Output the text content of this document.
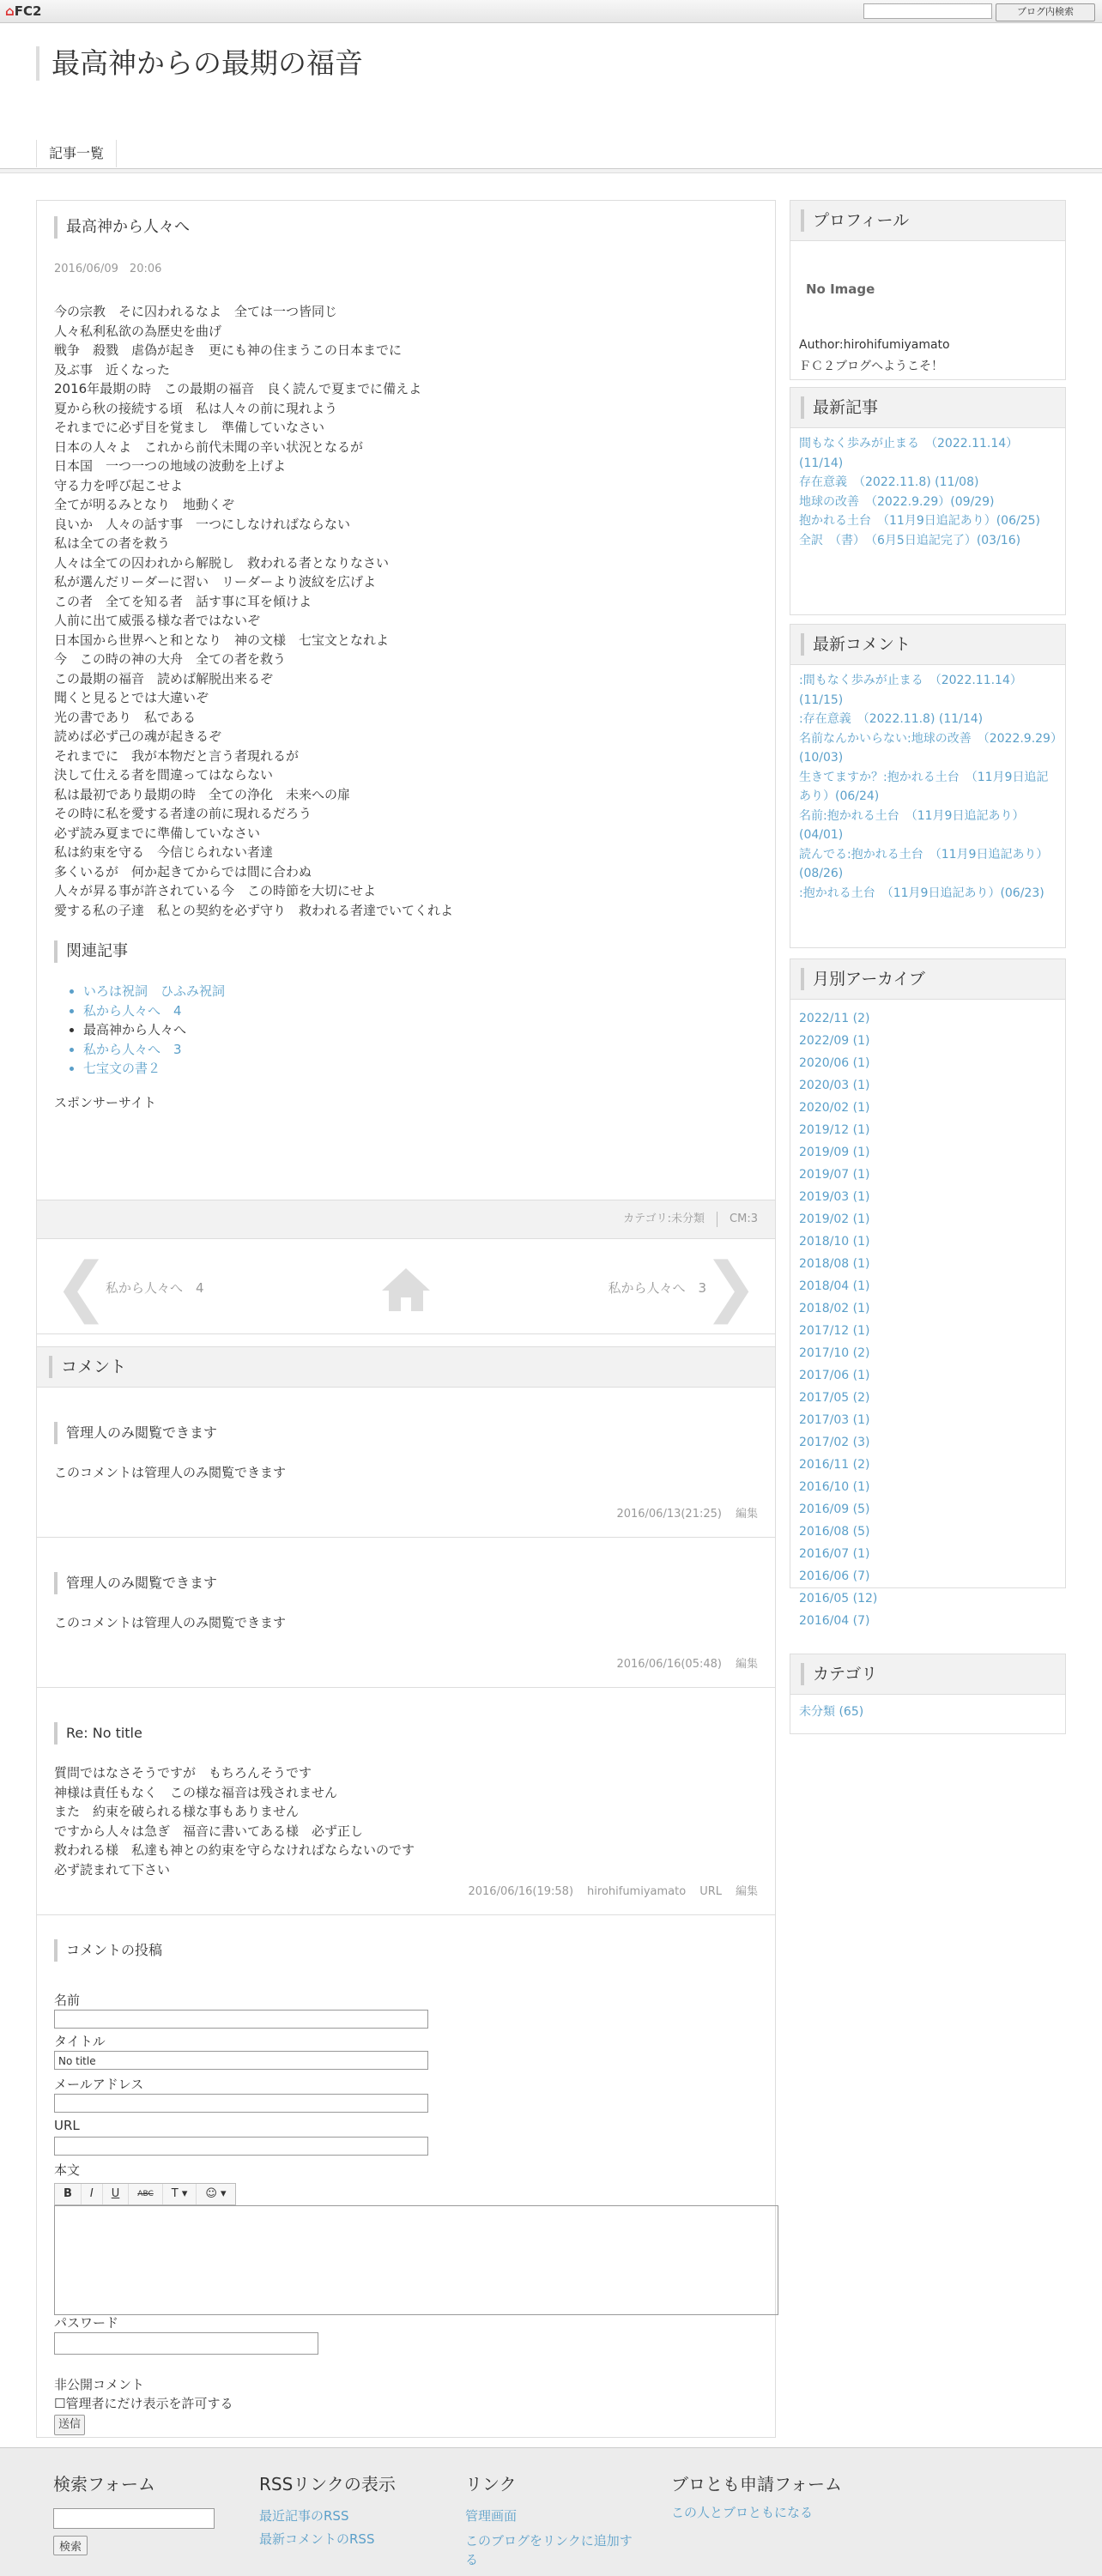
⌂FC2	ブログ内検索
最高神からの最期の福音
記事一覧
最高神から人々へ
2016/06/09　20:06
今の宗教　そに囚われるなよ　全ては一つ皆同じ
人々私利私欲の為歴史を曲げ
戦争　殺戮　虐偽が起き　更にも神の住まうこの日本までに
及ぶ事　近くなった
2016年最期の時　この最期の福音　良く読んで夏までに備えよ
夏から秋の接続する頃　私は人々の前に現れよう
それまでに必ず目を覚まし　準備していなさい
日本の人々よ　これから前代未聞の辛い状況となるが
日本国　一つ一つの地域の波動を上げよ
守る力を呼び起こせよ
全てが明るみとなり　地動くぞ
良いか　人々の話す事　一つにしなければならない
私は全ての者を救う
人々は全ての囚われから解脱し　救われる者となりなさい
私が選んだリーダーに習い　リーダーより波紋を広げよ
この者　全てを知る者　話す事に耳を傾けよ
人前に出て威張る様な者ではないぞ
日本国から世界へと和となり　神の文様　七宝文となれよ
今　この時の神の大舟　全ての者を救う
この最期の福音　読めば解脱出来るぞ
聞くと見るとでは大違いぞ
光の書であり　私である
読めば必ず己の魂が起きるぞ
それまでに　我が本物だと言う者現れるが
決して仕える者を間違ってはならない
私は最初であり最期の時　全ての浄化　未来への扉
その時に私を愛する者達の前に現れるだろう
必ず読み夏までに準備していなさい
私は約束を守る　今信じられない者達
多くいるが　何か起きてからでは間に合わぬ
人々が昇る事が許されている今　この時節を大切にせよ
愛する私の子達　私との契約を必ず守り　救われる者達でいてくれよ
関連記事
• いろは祝詞　ひふみ祝詞
• 私から人々へ　4
• 最高神から人々へ
• 私から人々へ　3
• 七宝文の書２
スポンサーサイト
カテゴリ:未分類 CM:3
❮
私から人々へ　4	私から人々へ　3
❯
コメント
管理人のみ閲覧できます
このコメントは管理人のみ閲覧できます
2016/06/13(21:25) 編集
管理人のみ閲覧できます
このコメントは管理人のみ閲覧できます
2016/06/16(05:48) 編集
Re: No title
質問ではなさそうですが　もちろんそうです
神様は責任もなく　この様な福音は残されません
また　約束を破られる様な事もありません
ですから人々は急ぎ　福音に書いてある様　必ず正し
救われる様　私達も神との約束を守らなければならないのです
必ず読まれて下さい
2016/06/16(19:58) hirohifumiyamato URL 編集
コメントの投稿
名前
タイトル
No title
メールアドレス
URL
本文
B	I	U	ABC	T ▾	☺ ▾
パスワード
非公開コメント
☐管理者にだけ表示を許可する
送信
プロフィール
No Image
Author:hirohifumiyamato
ＦＣ２ブログへようこそ！
最新記事
間もなく歩みが止まる　（2022.11.14）(11/14)
存在意義　（2022.11.8) (11/08)
地球の改善　（2022.9.29）(09/29)
抱かれる土台　（11月9日追記あり）(06/25)
全訳　（書）　（6月5日追記完了）(03/16)
最新コメント
:間もなく歩みが止まる　（2022.11.14）(11/15)
:存在意義　（2022.11.8) (11/14)
名前なんかいらない:地球の改善　（2022.9.29）(10/03)
生きてますか？:抱かれる土台　（11月9日追記あり）(06/24)
名前:抱かれる土台　（11月9日追記あり）(04/01)
読んでる:抱かれる土台　（11月9日追記あり）(08/26)
:抱かれる土台　（11月9日追記あり）(06/23)
月別アーカイブ
2022/11 (2)
2022/09 (1)
2020/06 (1)
2020/03 (1)
2020/02 (1)
2019/12 (1)
2019/09 (1)
2019/07 (1)
2019/03 (1)
2019/02 (1)
2018/10 (1)
2018/08 (1)
2018/04 (1)
2018/02 (1)
2017/12 (1)
2017/10 (2)
2017/06 (1)
2017/05 (2)
2017/03 (1)
2017/02 (3)
2016/11 (2)
2016/10 (1)
2016/09 (5)
2016/08 (5)
2016/07 (1)
2016/06 (7)
2016/05 (12)
2016/04 (7)
カテゴリ
未分類 (65)
検索フォーム
検索
RSSリンクの表示
最近記事のRSS
最新コメントのRSS
リンク
管理画面
このブログをリンクに追加する
ブロとも申請フォーム
この人とブロともになる
